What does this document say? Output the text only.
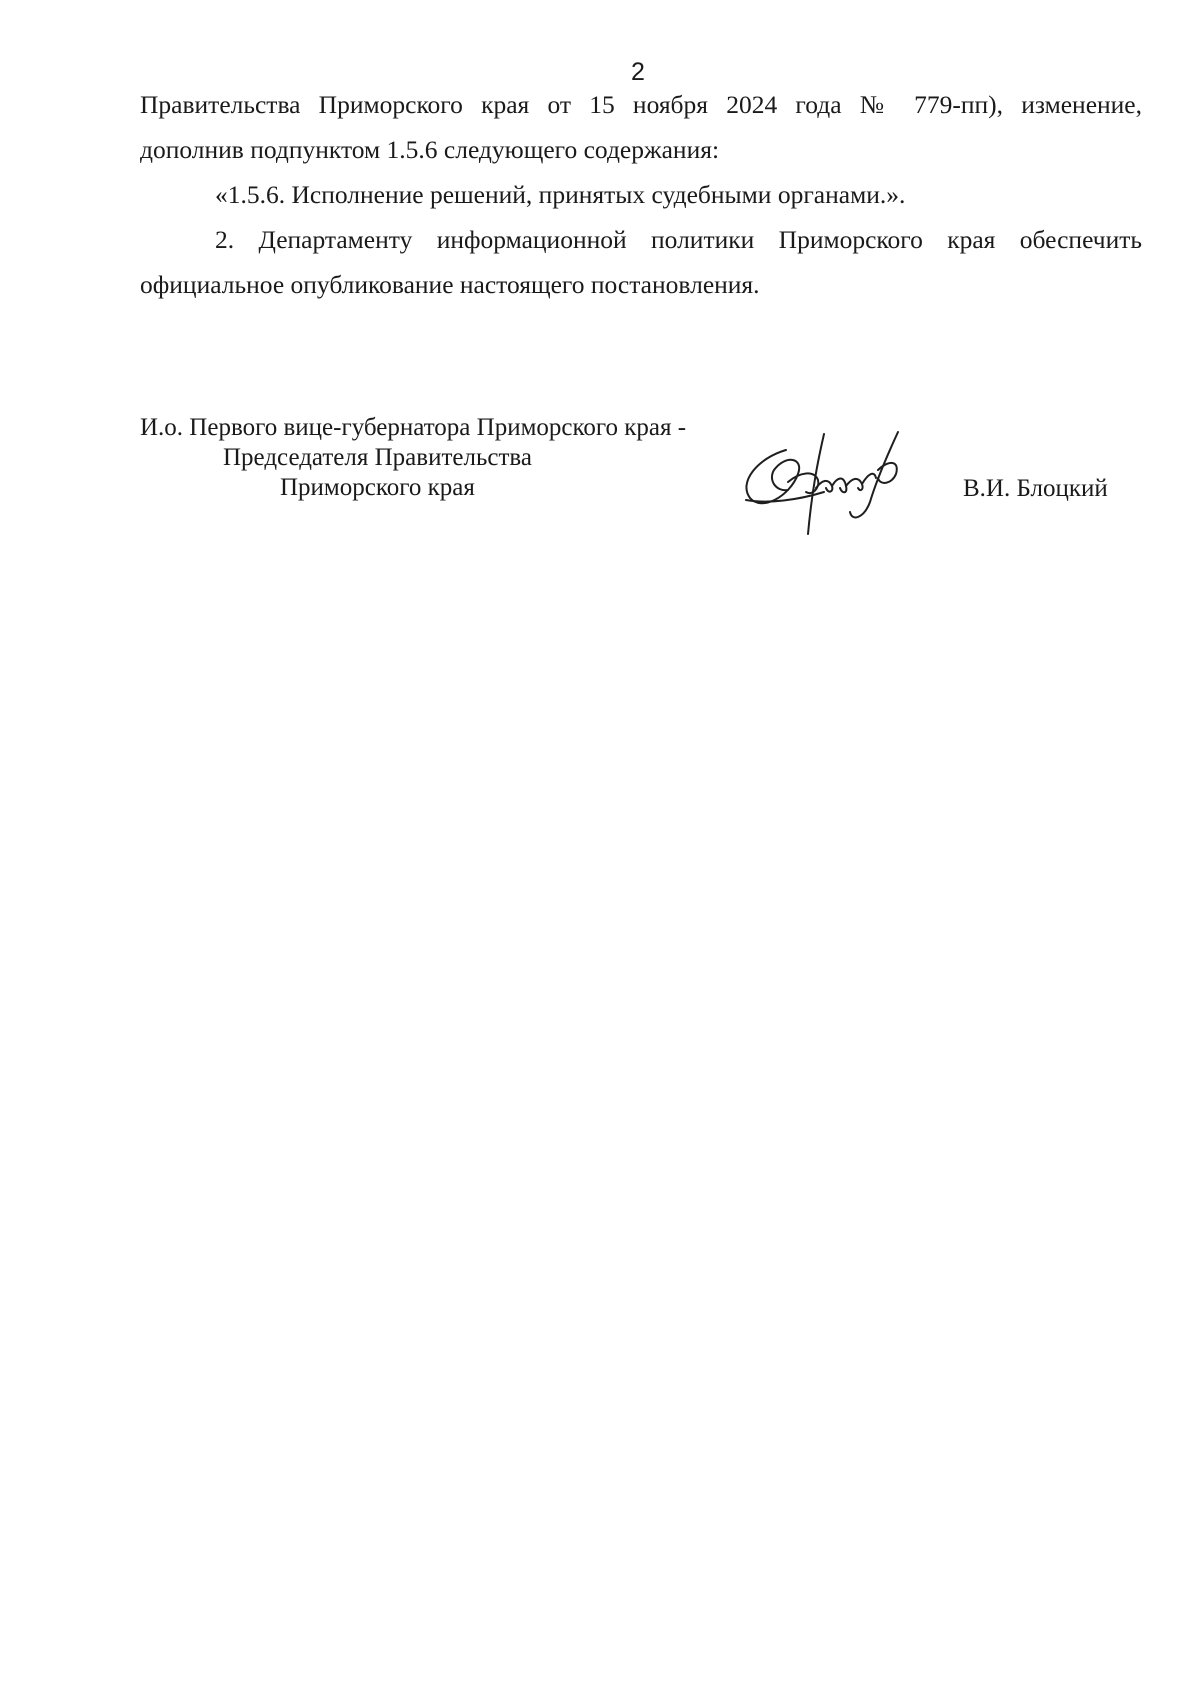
2
Правительства Приморского края от 15 ноября 2024 года № 779-пп), изменение,
дополнив подпунктом 1.5.6 следующего содержания:
«1.5.6. Исполнение решений, принятых судебными органами.».
2. Департаменту информационной политики Приморского края обеспечить
официальное опубликование настоящего постановления.
И.о. Первого вице-губернатора Приморского края -
Председателя Правительства
Приморского края	В.И. Блоцкий
